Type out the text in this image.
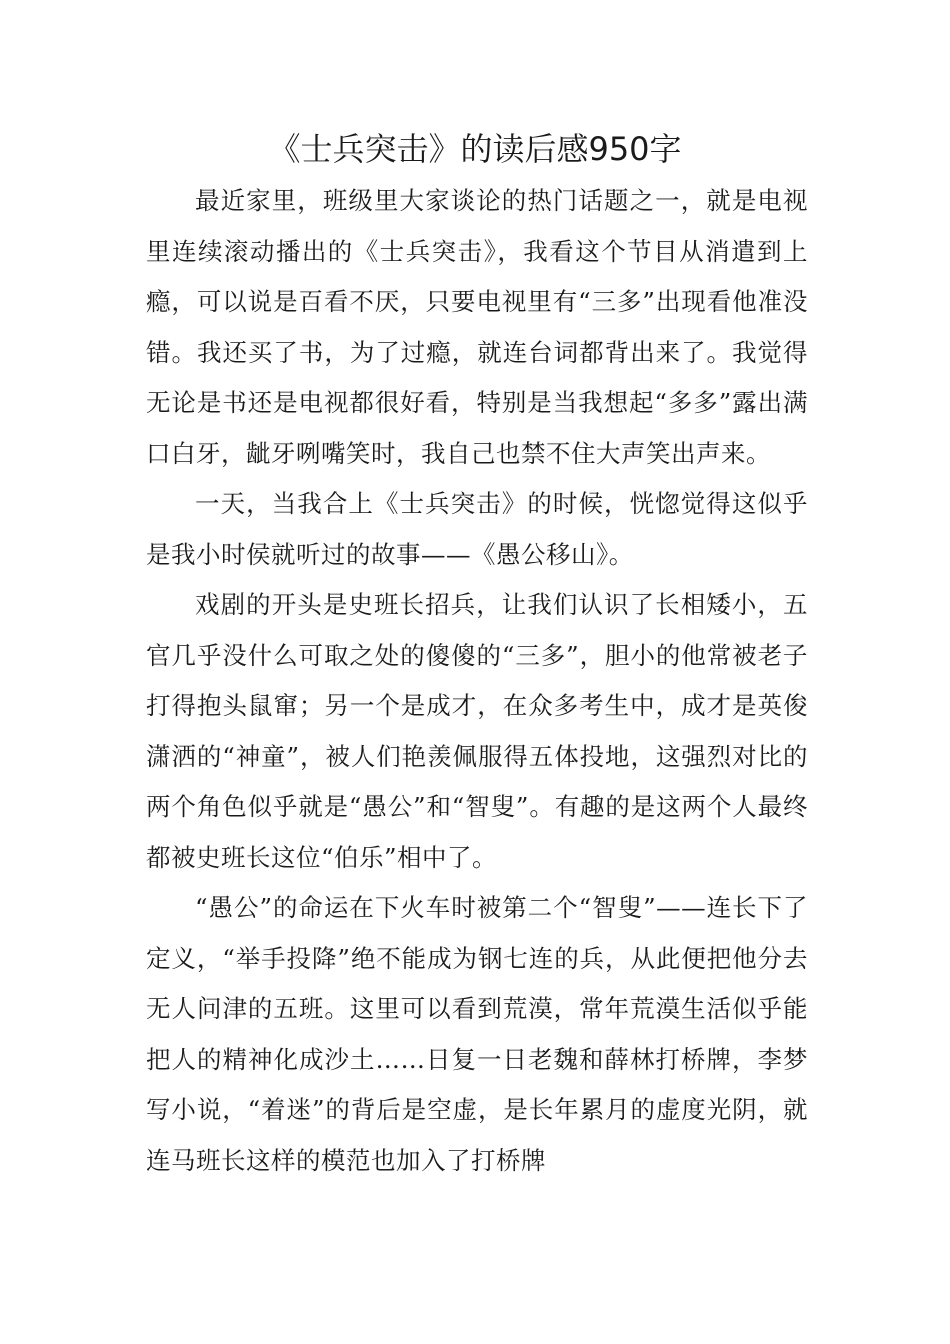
《士兵突击》的读后感950字

最近家里，班级里大家谈论的热门话题之一，就是电视里连续滚动播出的《士兵突击》，我看这个节目从消遣到上瘾，可以说是百看不厌，只要电视里有“三多”出现看他准没错。我还买了书，为了过瘾，就连台词都背出来了。我觉得无论是书还是电视都很好看，特别是当我想起“多多”露出满口白牙，龇牙咧嘴笑时，我自己也禁不住大声笑出声来。

一天，当我合上《士兵突击》的时候，恍惚觉得这似乎是我小时侯就听过的故事——《愚公移山》。

戏剧的开头是史班长招兵，让我们认识了长相矮小，五官几乎没什么可取之处的傻傻的“三多”，胆小的他常被老子打得抱头鼠窜；另一个是成才，在众多考生中，成才是英俊潇洒的“神童”，被人们艳羡佩服得五体投地，这强烈对比的两个角色似乎就是“愚公”和“智叟”。有趣的是这两个人最终都被史班长这位“伯乐”相中了。

“愚公”的命运在下火车时被第二个“智叟”——连长下了定义，“举手投降”绝不能成为钢七连的兵，从此便把他分去无人问津的五班。这里可以看到荒漠，常年荒漠生活似乎能把人的精神化成沙土……日复一日老魏和薛林打桥牌，李梦写小说，“着迷”的背后是空虚，是长年累月的虚度光阴，就连马班长这样的模范也加入了打桥牌
